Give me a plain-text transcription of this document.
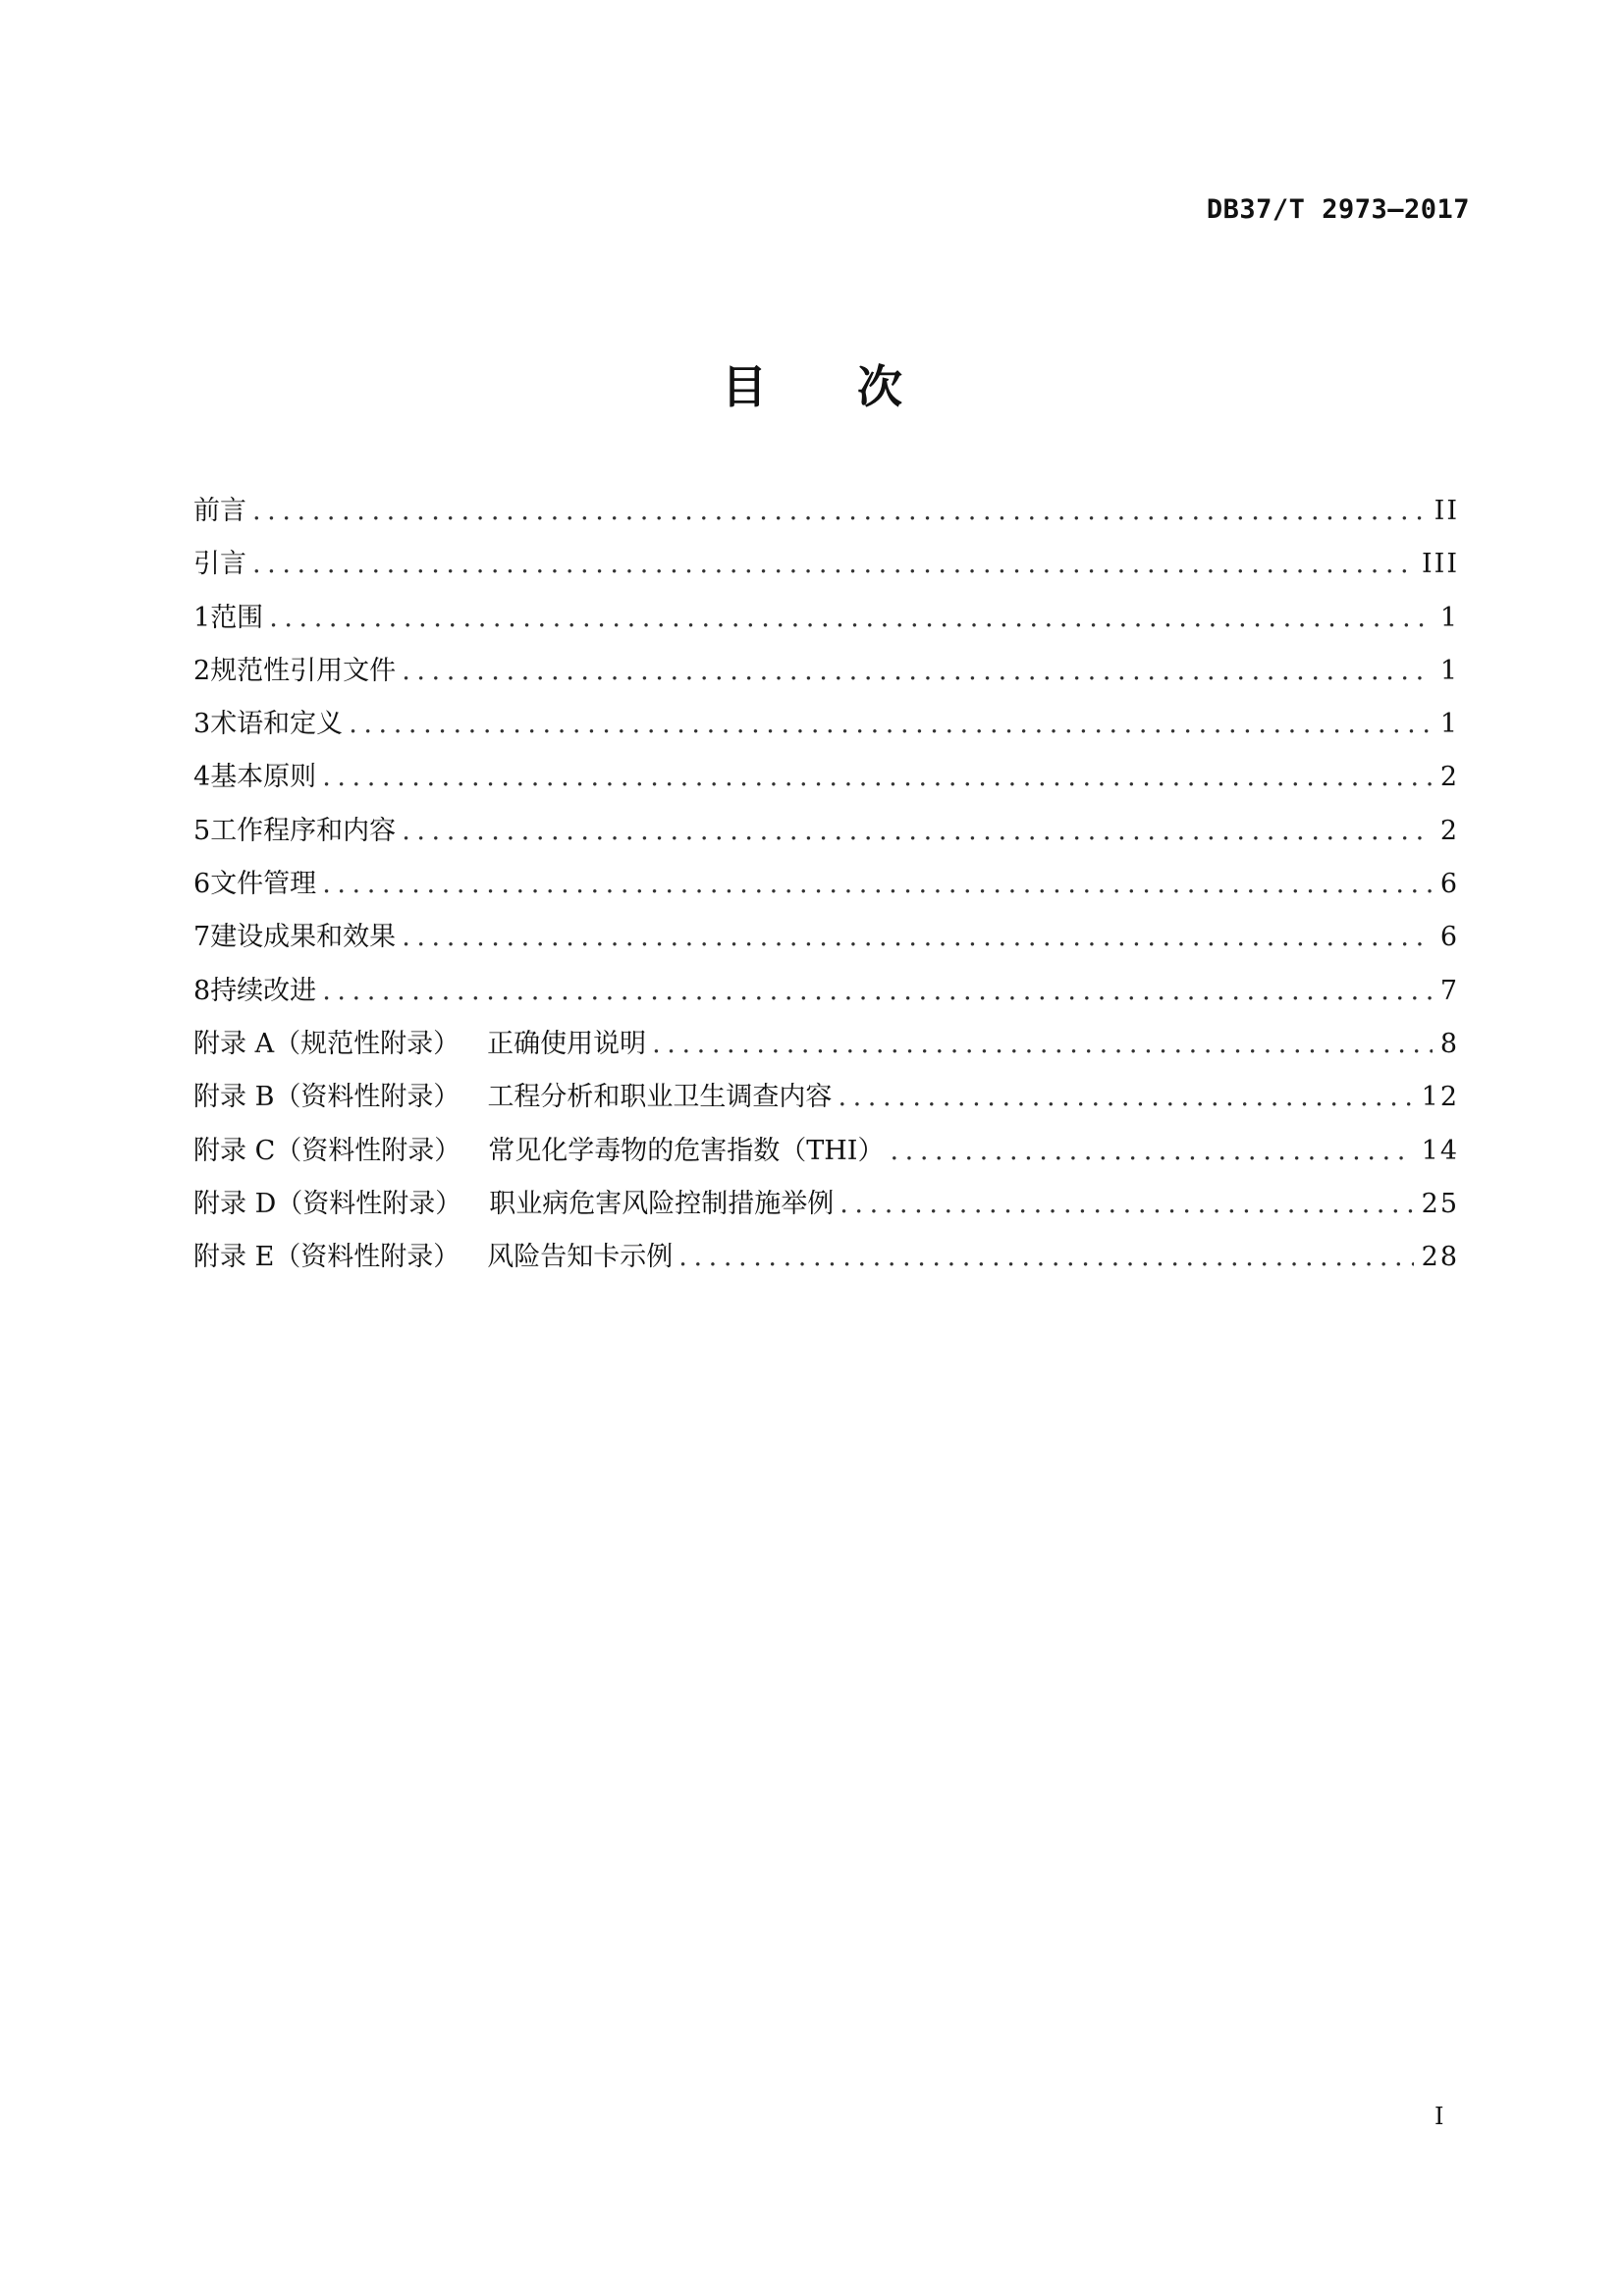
DB37/T 2973—2017
目 次
前言 .....	II
引言 .....	III
1 范围 .....	1
2 规范性引用文件 .....	1
3 术语和定义 .....	1
4 基本原则 .....	2
5 工作程序和内容 .....	2
6 文件管理 .....	6
7 建设成果和效果 .....	6
8 持续改进 .....	7
附录 A（规范性附录） 正确使用说明 .....	8
附录 B（资料性附录） 工程分析和职业卫生调查内容 .....	12
附录 C（资料性附录） 常见化学毒物的危害指数（THI） .....	14
附录 D（资料性附录） 职业病危害风险控制措施举例 .....	25
附录 E（资料性附录） 风险告知卡示例 .....	28
I
